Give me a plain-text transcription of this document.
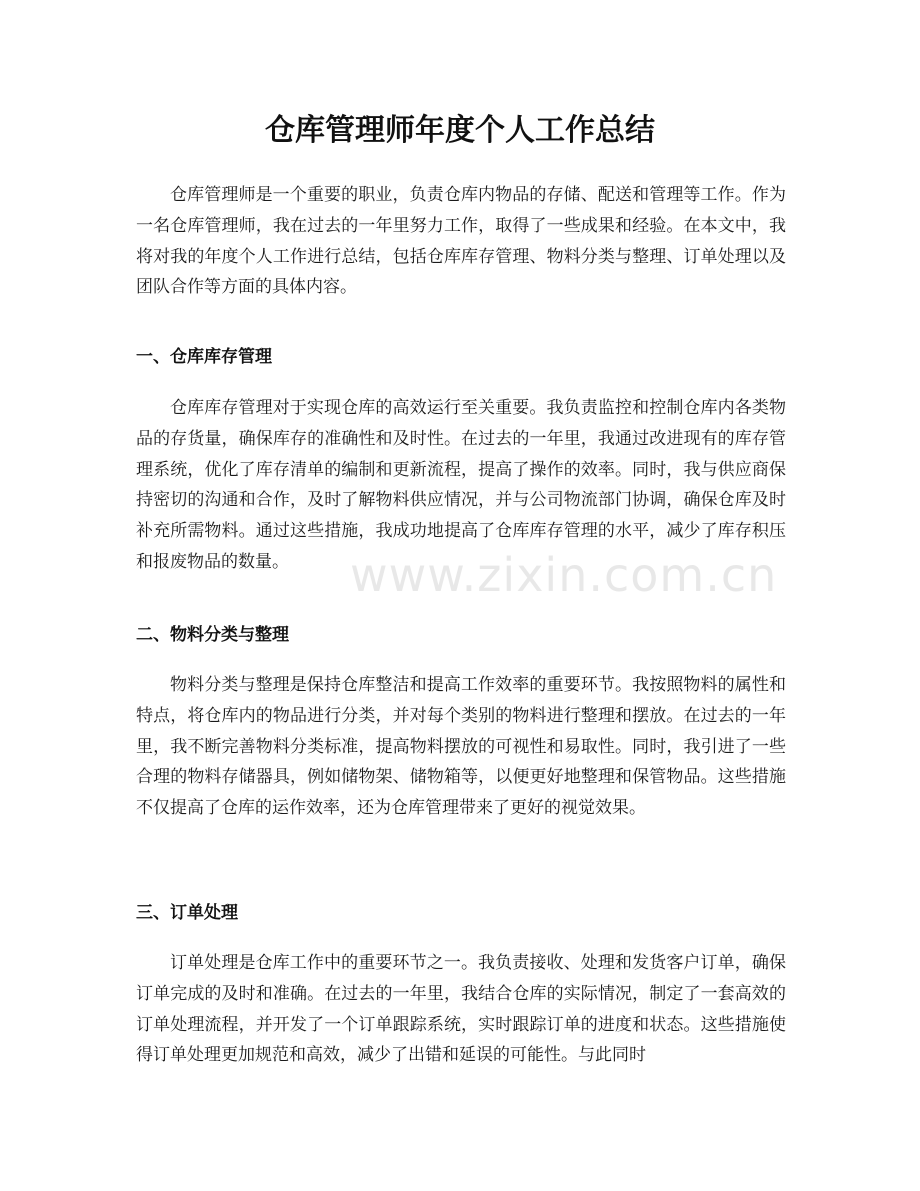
仓库管理师年度个人工作总结

仓库管理师是一个重要的职业，负责仓库内物品的存储、配送和管理等工作。作为一名仓库管理师，我在过去的一年里努力工作，取得了一些成果和经验。在本文中，我将对我的年度个人工作进行总结，包括仓库库存管理、物料分类与整理、订单处理以及团队合作等方面的具体内容。

一、仓库库存管理

仓库库存管理对于实现仓库的高效运行至关重要。我负责监控和控制仓库内各类物品的存货量，确保库存的准确性和及时性。在过去的一年里，我通过改进现有的库存管理系统，优化了库存清单的编制和更新流程，提高了操作的效率。同时，我与供应商保持密切的沟通和合作，及时了解物料供应情况，并与公司物流部门协调，确保仓库及时补充所需物料。通过这些措施，我成功地提高了仓库库存管理的水平，减少了库存积压和报废物品的数量。

二、物料分类与整理

物料分类与整理是保持仓库整洁和提高工作效率的重要环节。我按照物料的属性和特点，将仓库内的物品进行分类，并对每个类别的物料进行整理和摆放。在过去的一年里，我不断完善物料分类标准，提高物料摆放的可视性和易取性。同时，我引进了一些合理的物料存储器具，例如储物架、储物箱等，以便更好地整理和保管物品。这些措施不仅提高了仓库的运作效率，还为仓库管理带来了更好的视觉效果。

三、订单处理

订单处理是仓库工作中的重要环节之一。我负责接收、处理和发货客户订单，确保订单完成的及时和准确。在过去的一年里，我结合仓库的实际情况，制定了一套高效的订单处理流程，并开发了一个订单跟踪系统，实时跟踪订单的进度和状态。这些措施使得订单处理更加规范和高效，减少了出错和延误的可能性。与此同时

www.zixin.com.cn
